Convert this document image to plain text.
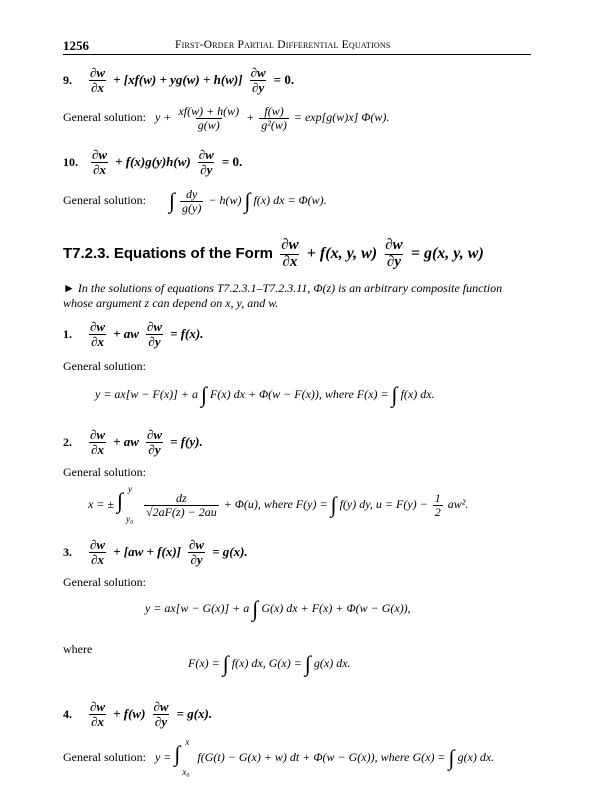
1256	First-Order Partial Differential Equations
9. $\frac{\partial w}{\partial x} + [xf(w) + yg(w) + h(w)] \frac{\partial w}{\partial y} = 0$.
General solution: $y + \frac{xf(w) + h(w)}{g(w)} + \frac{f(w)}{\text{g²(w)}} = \exp[g(w)x]$ Φ(w).
10. $\frac{\partial w}{\partial x} + f(x)g(y)h(w) \frac{\partial w}{\partial y} = 0$.
General solution: ∫ $\frac{dy}{g(y)} - h(w)$ ∫ f(x) dx = Φ(w).
T7.2.3. Equations of the Form $\frac{\partial w}{\partial x} + f(x$, y, $w) \frac{\partial w}{\partial y} = g(x$, y, w)
► In the solutions of equations T7.2.3.1–T7.2.3.11, Φ(z) is an arbitrary composite function
whose argument z can depend on x, y, and w.
1. $\frac{\partial w}{\partial x}$ + aw $\frac{\partial w}{\partial y} = f(x)$.
General solution:
y = ax[w − F(x)] + a ∫ F(x) dx + Φ(w − F(x)), where F(x) = ∫ f(x) dx.
2. $\frac{\partial w}{\partial x}$ + aw $\frac{\partial w}{\partial y} = f(y)$.
General solution:
x = ± ∫ y
y₀

$\frac{dz}{√2aF(z) - 2au} + \Phi(u)$, where F(y) = ∫ f(y) dy, $u = F(y) - \frac{1}{2} aw^2$.
3. $\frac{\partial w}{\partial x} + [aw + f(x)] \frac{\partial w}{\partial y} = g(x)$.
General solution:
y = ax[w − G(x)] + a ∫ G(x) dx + F(x) + Φ(w − G(x)),
where
F(x) = ∫ f(x) dx, G(x) = ∫ g(x) dx.
4. $\frac{\partial w}{\partial x} + f(w) \frac{\partial w}{\partial y} = g(x)$.
General solution: y = ∫ x
x₀
f(G(t) − G(x) + w) dt + Φ(w − G(x)), where G(x) = ∫ g(x) dx.
